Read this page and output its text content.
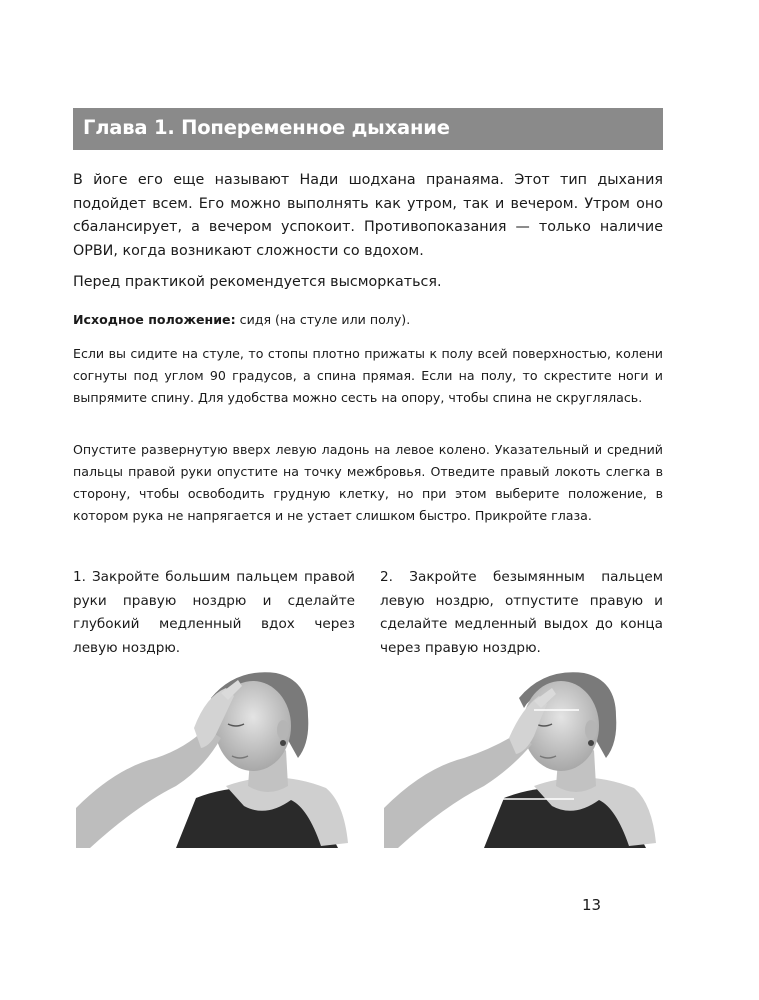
Глава 1. Попеременное дыхание

В йоге его еще называют Нади шодхана пранаяма. Этот тип дыхания подойдет всем. Его можно выполнять как утром, так и вечером. Утром оно сбалансирует, а вечером успокоит. Противопоказания — только наличие ОРВИ, когда возникают сложности со вдохом.

Перед практикой рекомендуется высморкаться.

Исходное положение: сидя (на стуле или полу).

Если вы сидите на стуле, то стопы плотно прижаты к полу всей поверхностью, колени согнуты под углом 90 градусов, а спина прямая. Если на полу, то скрестите ноги и выпрямите спину. Для удобства можно сесть на опору, чтобы спина не скруглялась.

Опустите развернутую вверх левую ладонь на левое колено. Указательный и средний пальцы правой руки опустите на точку межбровья. Отведите правый локоть слегка в сторону, чтобы освободить грудную клетку, но при этом выберите положение, в котором рука не напрягается и не устает слишком быстро. Прикройте глаза.

1. Закройте большим пальцем правой руки правую ноздрю и сделайте глубокий медленный вдох через левую ноздрю.

2. Закройте безымянным пальцем левую ноздрю, отпустите правую и сделайте медленный выдох до конца через правую ноздрю.

13
